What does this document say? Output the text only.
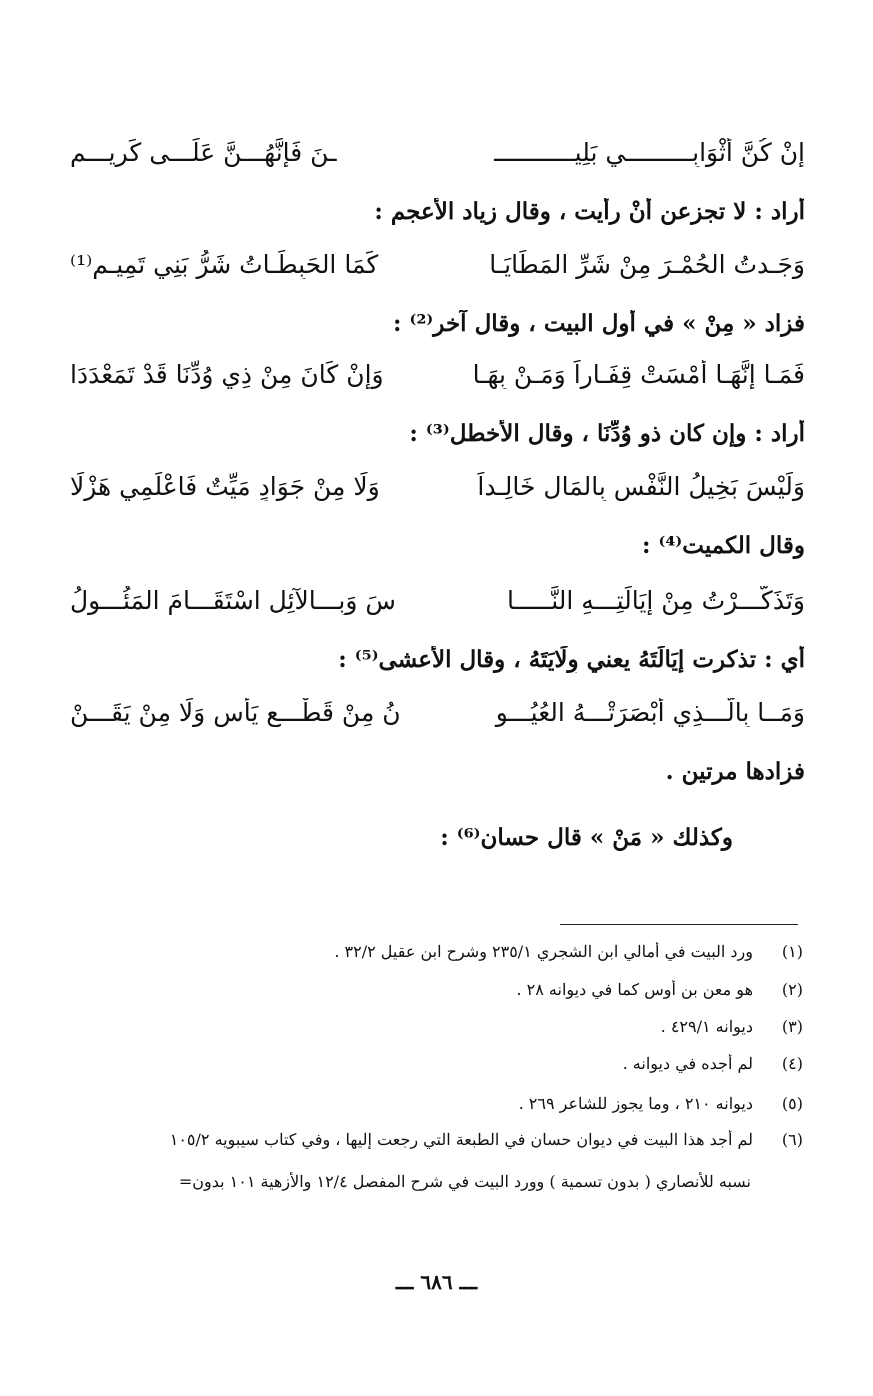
إِنْ كُنَّ أَثْوَابِـــــــــي بَلِيـــــــــــ
ـنَ فَإِنَّهُـــنَّ عَلَـــى كَرِيـــمِ
أراد : لا تجزعن أَنْ رأيت ، وقال زياد الأعجم :
وَجَـدتُ الحُمْـرَ مِنْ شَرِّ المَطَايَـا
كَمَا الحَبِطَـاتُ شَرُّ بَنِي تَمِيـمِ⁽¹⁾
فزاد « مِنْ » في أول البيت ، وقال آخر⁽²⁾ :
فَمَـا إِنَّهَـا أَمْسَتْ قِفَـاراً وَمَـنْ بِهَـا
وَإِنْ كَانَ مِنْ ذِي وُدِّنَا قَدْ تَمَعْدَدَا
أراد : وإن كان ذو وُدِّنَا ، وقال الأخطل⁽³⁾ :
وَلَيْسَ بَخِيلُ النَّفْسِ بِالمَالِ خَالِـداً
وَلَا مِنْ جَوَادٍ مَيِّتٌ فَاعْلَمِي هَزْلَا
وقال الكميت⁽⁴⁾ :
وَتَذَكَّـــرْتُ مِنْ إِيَالَتِـــهِ النَّـــــا
سَ وَبِـــالآئِلِ اسْتَقَـــامَ المَئُـــولُ
أي : تذكرت إِيَالَتَهُ يعني وِلَايَتَهُ ، وقال الأعشى⁽⁵⁾ :
وَمَــا بِالَّـــذِي أَبْصَرَتْـــهُ العُيُـــو
نُ مِنْ قَطْـــعِ يَأْسٍ وَلَا مِنْ يَقَـــنْ
فزادها مرتين .
وكذلك « مَنْ » قال حسان⁽⁶⁾ :
(١)
ورد البيت في أمالي ابن الشجري ٢٣٥/١ وشرح ابن عقيل ٣٢/٢ .
(٢)
هو معن بن أوس كما في ديوانه ٢٨ .
(٣)
ديوانه ٤٢٩/١ .
(٤)
لم أجده في ديوانه .
(٥)
ديوانه ٢١٠ ، وما يجوز للشاعر ٢٦٩ .
(٦)
لم أجد هذا البيت في ديوان حسان في الطبعة التي رجعت إليها ، وفي كتاب سيبويه ١٠٥/٢
نسبه للأنصاري ( بدون تسمية ) وورد البيت في شرح المفصل ١٢/٤ والأزهية ١٠١ بدون=
ـــ ٦٨٦ ـــ
